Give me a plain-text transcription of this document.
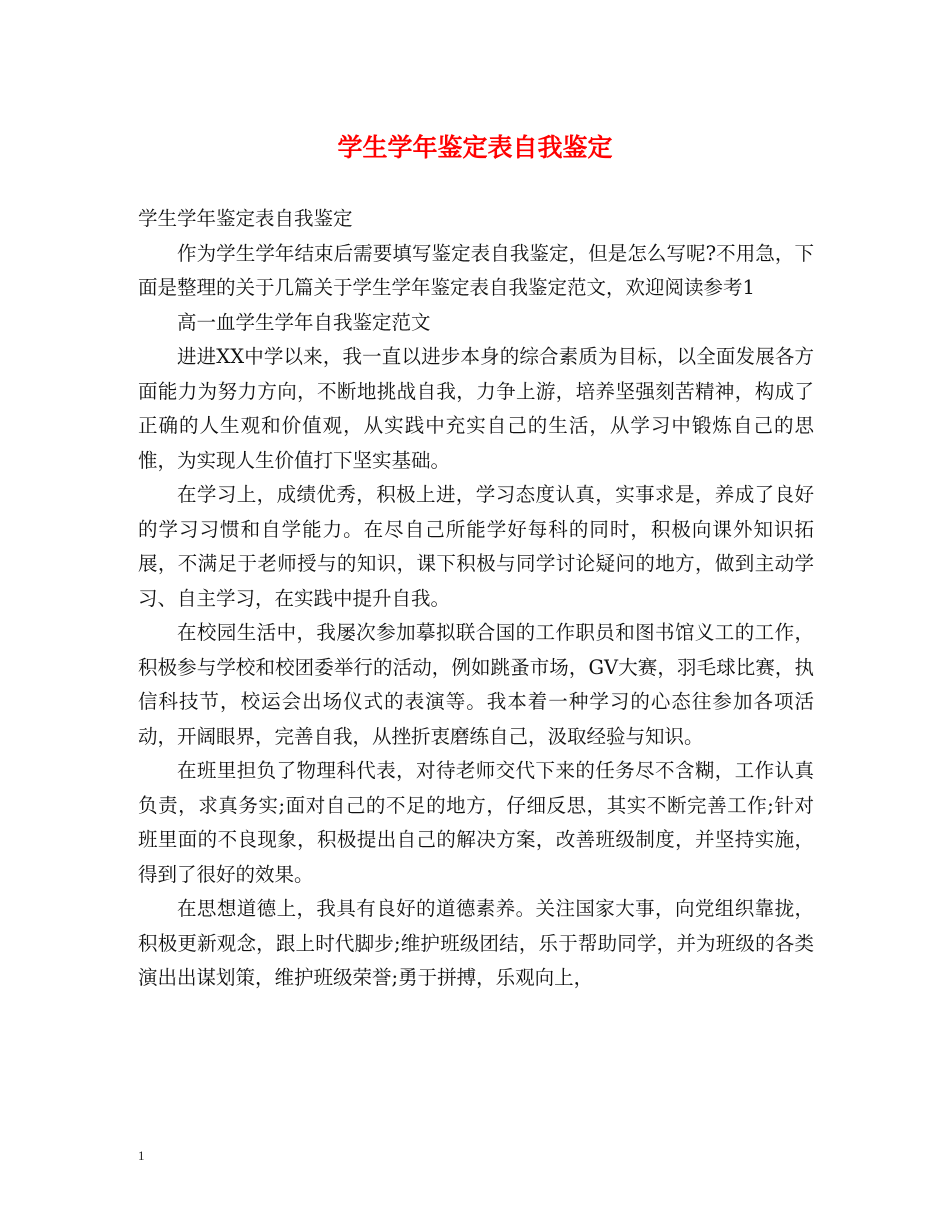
学生学年鉴定表自我鉴定

学生学年鉴定表自我鉴定

作为学生学年结束后需要填写鉴定表自我鉴定，但是怎么写呢?不用急，下面是整理的关于几篇关于学生学年鉴定表自我鉴定范文，欢迎阅读参考1

高一血学生学年自我鉴定范文

进进XX中学以来，我一直以进步本身的综合素质为目标，以全面发展各方面能力为努力方向，不断地挑战自我，力争上游，培养坚强刻苦精神，构成了正确的人生观和价值观，从实践中充实自己的生活，从学习中锻炼自己的思惟，为实现人生价值打下坚实基础。

在学习上，成绩优秀，积极上进，学习态度认真，实事求是，养成了良好的学习习惯和自学能力。在尽自己所能学好每科的同时，积极向课外知识拓展，不满足于老师授与的知识，课下积极与同学讨论疑问的地方，做到主动学习、自主学习，在实践中提升自我。

在校园生活中，我屡次参加摹拟联合国的工作职员和图书馆义工的工作，积极参与学校和校团委举行的活动，例如跳蚤市场，GV大赛，羽毛球比赛，执信科技节，校运会出场仪式的表演等。我本着一种学习的心态往参加各项活动，开阔眼界，完善自我，从挫折衷磨练自己，汲取经验与知识。

在班里担负了物理科代表，对待老师交代下来的任务尽不含糊，工作认真负责，求真务实;面对自己的不足的地方，仔细反思，其实不断完善工作;针对班里面的不良现象，积极提出自己的解决方案，改善班级制度，并坚持实施，得到了很好的效果。

在思想道德上，我具有良好的道德素养。关注国家大事，向党组织靠拢，积极更新观念，跟上时代脚步;维护班级团结，乐于帮助同学，并为班级的各类演出出谋划策，维护班级荣誉;勇于拼搏，乐观向上，

1
